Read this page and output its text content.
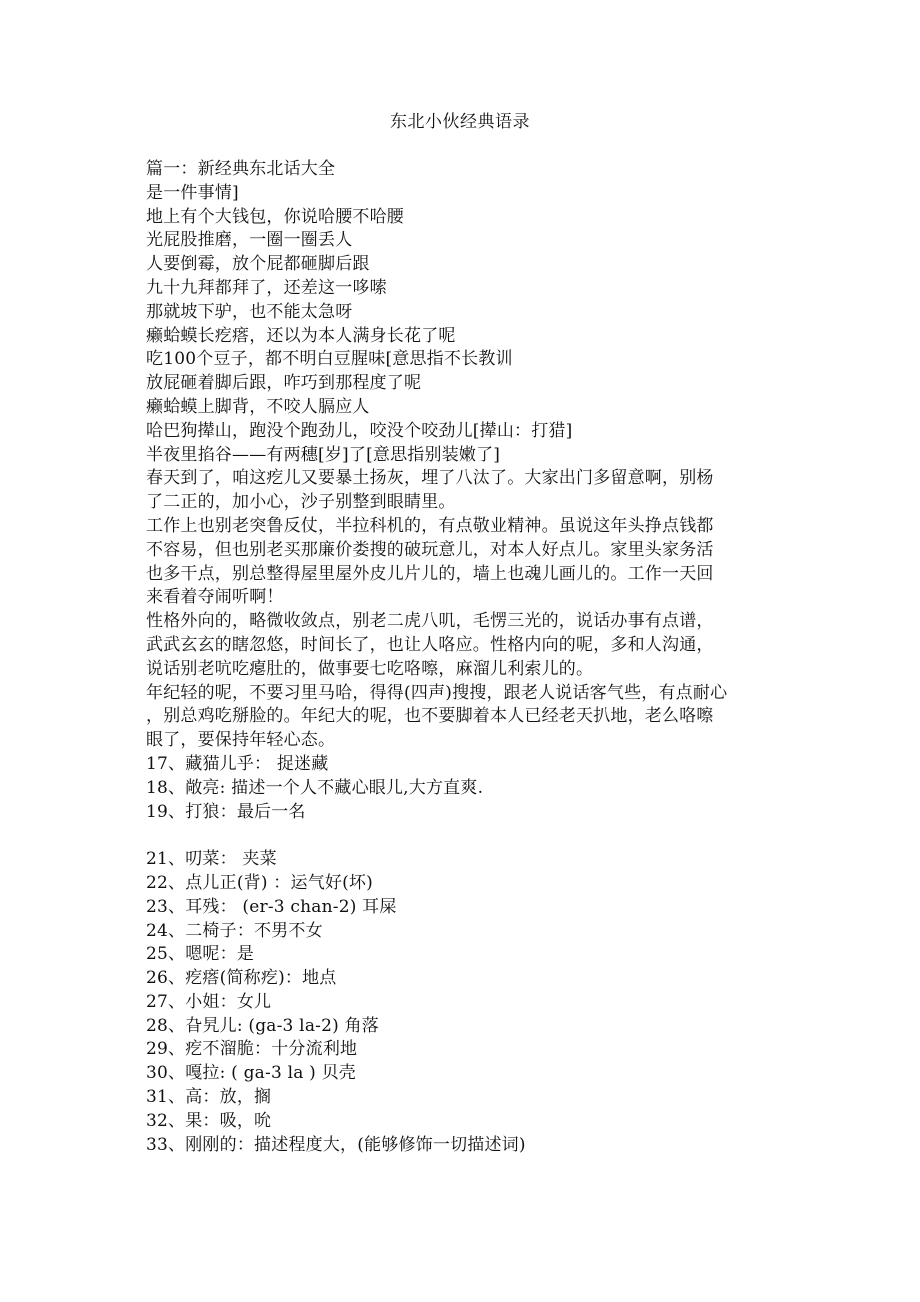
东北小伙经典语录
篇一：新经典东北话大全
是一件事情]
地上有个大钱包，你说哈腰不哈腰
光屁股推磨，一圈一圈丢人
人要倒霉，放个屁都砸脚后跟
九十九拜都拜了，还差这一哆嗦
那就坡下驴，也不能太急呀
癞蛤蟆长疙瘩，还以为本人满身长花了呢
吃100个豆子，都不明白豆腥味[意思指不长教训
放屁砸着脚后跟，咋巧到那程度了呢
癞蛤蟆上脚背，不咬人膈应人
哈巴狗撵山，跑没个跑劲儿，咬没个咬劲儿[撵山：打猎]
半夜里掐谷——有两穗[岁]了[意思指别装嫩了]
春天到了，咱这疙儿又要暴土扬灰，埋了八汰了。大家出门多留意啊，别杨
了二正的，加小心，沙子别整到眼睛里。
工作上也别老突鲁反仗，半拉科机的，有点敬业精神。虽说这年头挣点钱都
不容易，但也别老买那廉价娄搜的破玩意儿，对本人好点儿。家里头家务活
也多干点，别总整得屋里屋外皮儿片儿的，墙上也魂儿画儿的。工作一天回
来看着夺闹听啊！
性格外向的，略微收敛点，别老二虎八叽，毛愣三光的，说话办事有点谱，
武武玄玄的瞎忽悠，时间长了，也让人咯应。性格内向的呢，多和人沟通，
说话别老吭吃瘪肚的，做事要七吃咯嚓，麻溜儿利索儿的。
年纪轻的呢，不要习里马哈，得得(四声)搜搜，跟老人说话客气些，有点耐心
，别总鸡吃掰脸的。年纪大的呢，也不要脚着本人已经老天扒地，老么咯嚓
眼了，要保持年轻心态。
17、藏猫儿乎： 捉迷藏
18、敞亮: 描述一个人不藏心眼儿,大方直爽.
19、打狼：最后一名
21、叨菜： 夹菜
22、点儿正(背) ：运气好(坏)
23、耳残： (er-3 chan-2) 耳屎
24、二椅子：不男不女
25、嗯呢：是
26、疙瘩(简称疙)：地点
27、小姐：女儿
28、旮旯儿: (ga-3 la-2) 角落
29、疙不溜脆：十分流利地
30、嘎拉: ( ga-3 la ) 贝壳
31、高：放，搁
32、果：吸，吮
33、刚刚的：描述程度大，(能够修饰一切描述词)
